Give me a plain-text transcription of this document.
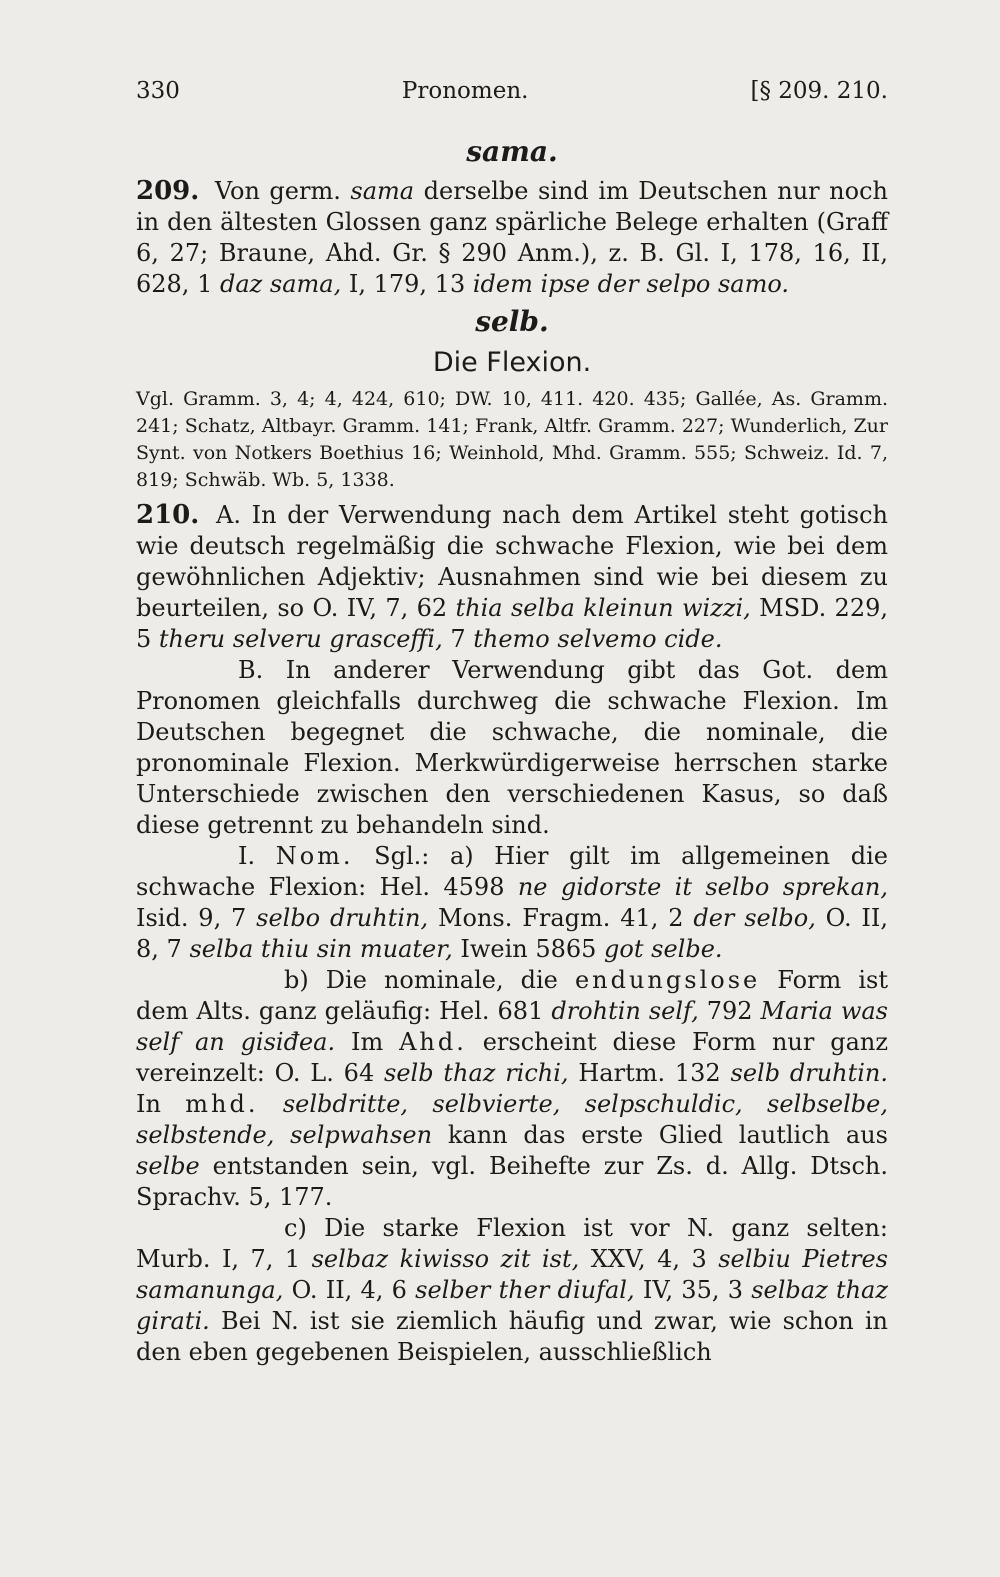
330	Pronomen.	[§ 209. 210.
sama.

209. Von germ. sama derselbe sind im Deutschen nur noch in den ältesten Glossen ganz spärliche Belege erhalten (Graff 6, 27; Braune, Ahd. Gr. § 290 Anm.), z. B. Gl. I, 178, 16, II, 628, 1 daz sama, I, 179, 13 idem ipse der selpo samo.

selb.
Die Flexion.

Vgl. Gramm. 3, 4; 4, 424, 610; DW. 10, 411. 420. 435; Gallée, As. Gramm. 241; Schatz, Altbayr. Gramm. 141; Frank, Altfr. Gramm. 227; Wunderlich, Zur Synt. von Notkers Boethius 16; Weinhold, Mhd. Gramm. 555; Schweiz. Id. 7, 819; Schwäb. Wb. 5, 1338.

210. A. In der Verwendung nach dem Artikel steht gotisch wie deutsch regelmäßig die schwache Flexion, wie bei dem gewöhnlichen Adjektiv; Ausnahmen sind wie bei diesem zu beurteilen, so O. IV, 7, 62 thia selba kleinun wizzi, MSD. 229, 5 theru selveru grasceffi, 7 themo selvemo cide.

B. In anderer Verwendung gibt das Got. dem Pronomen gleichfalls durchweg die schwache Flexion. Im Deutschen begegnet die schwache, die nominale, die pronominale Flexion. Merkwürdigerweise herrschen starke Unterschiede zwischen den verschiedenen Kasus, so daß diese getrennt zu behandeln sind.

I. Nom. Sgl.: a) Hier gilt im allgemeinen die schwache Flexion: Hel. 4598 ne gidorste it selbo sprekan, Isid. 9, 7 selbo druhtin, Mons. Fragm. 41, 2 der selbo, O. II, 8, 7 selba thiu sin muater, Iwein 5865 got selbe.

b) Die nominale, die endungslose Form ist dem Alts. ganz geläufig: Hel. 681 drohtin self, 792 Maria was self an gisiđea. Im Ahd. erscheint diese Form nur ganz vereinzelt: O. L. 64 selb thaz richi, Hartm. 132 selb druhtin. In mhd. selbdritte, selbvierte, selpschuldic, selbselbe, selbstende, selpwahsen kann das erste Glied lautlich aus selbe entstanden sein, vgl. Beihefte zur Zs. d. Allg. Dtsch. Sprachv. 5, 177.

c) Die starke Flexion ist vor N. ganz selten: Murb. I, 7, 1 selbaz kiwisso zit ist, XXV, 4, 3 selbiu Pietres samanunga, O. II, 4, 6 selber ther diufal, IV, 35, 3 selbaz thaz girati. Bei N. ist sie ziemlich häufig und zwar, wie schon in den eben gegebenen Beispielen, ausschließlich
